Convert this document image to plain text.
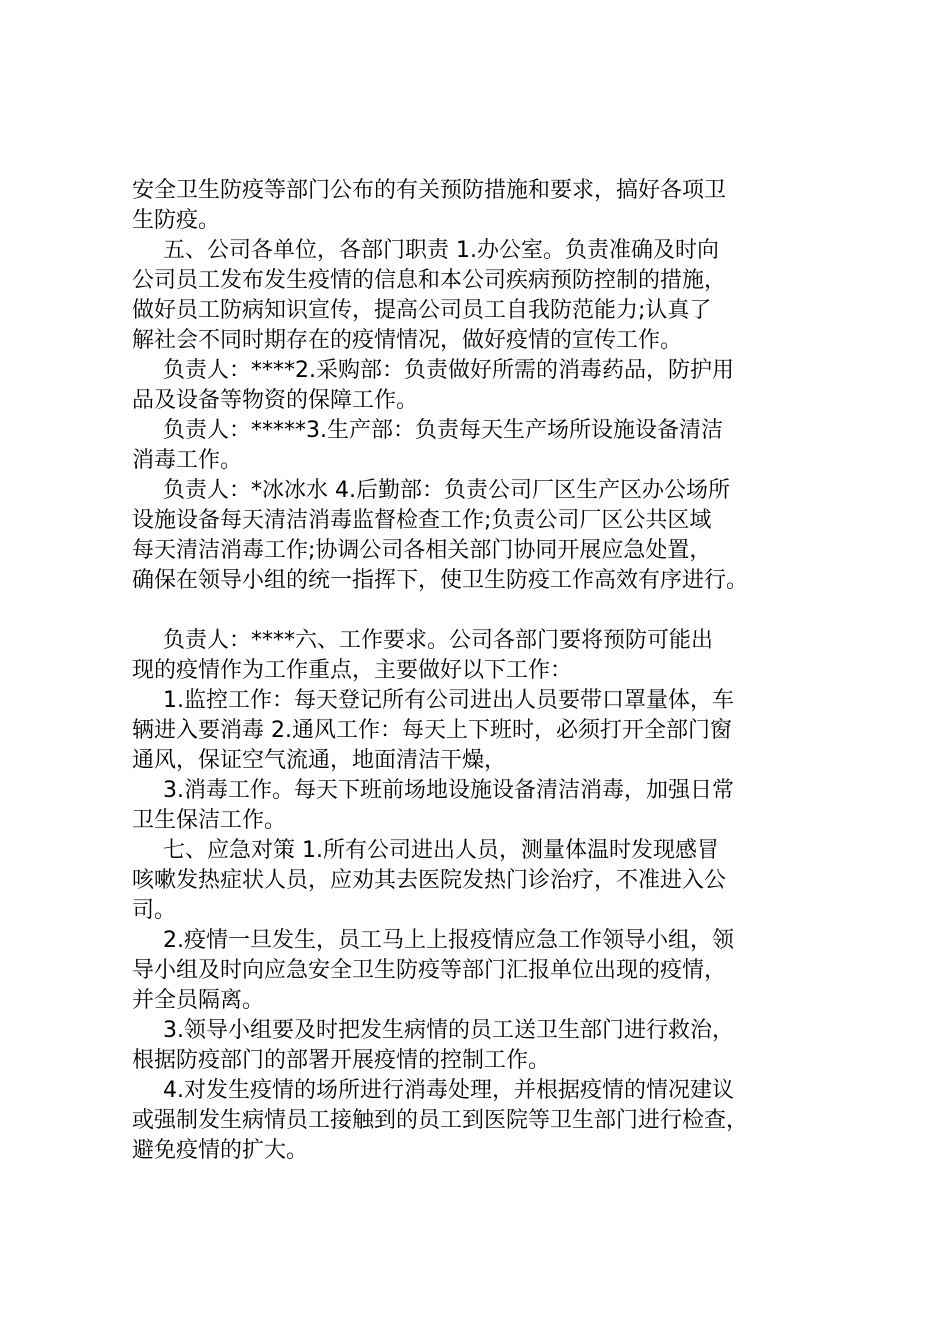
安全卫生防疫等部门公布的有关预防措施和要求，搞好各项卫
生防疫。
五、公司各单位，各部门职责 1.办公室。负责准确及时向
公司员工发布发生疫情的信息和本公司疾病预防控制的措施，
做好员工防病知识宣传，提高公司员工自我防范能力;认真了
解社会不同时期存在的疫情情况，做好疫情的宣传工作。
负责人：****2.采购部：负责做好所需的消毒药品，防护用
品及设备等物资的保障工作。
负责人：*****3.生产部：负责每天生产场所设施设备清洁
消毒工作。
负责人：*冰冰水 4.后勤部：负责公司厂区生产区办公场所
设施设备每天清洁消毒监督检查工作;负责公司厂区公共区域
每天清洁消毒工作;协调公司各相关部门协同开展应急处置，
确保在领导小组的统一指挥下，使卫生防疫工作高效有序进行。
负责人：****六、工作要求。公司各部门要将预防可能出
现的疫情作为工作重点，主要做好以下工作：
1.监控工作：每天登记所有公司进出人员要带口罩量体，车
辆进入要消毒 2.通风工作：每天上下班时，必须打开全部门窗
通风，保证空气流通，地面清洁干燥，
3.消毒工作。每天下班前场地设施设备清洁消毒，加强日常
卫生保洁工作。
七、应急对策 1.所有公司进出人员，测量体温时发现感冒
咳嗽发热症状人员，应劝其去医院发热门诊治疗，不准进入公
司。
2.疫情一旦发生，员工马上上报疫情应急工作领导小组，领
导小组及时向应急安全卫生防疫等部门汇报单位出现的疫情，
并全员隔离。
3.领导小组要及时把发生病情的员工送卫生部门进行救治，
根据防疫部门的部署开展疫情的控制工作。
4.对发生疫情的场所进行消毒处理，并根据疫情的情况建议
或强制发生病情员工接触到的员工到医院等卫生部门进行检查，
避免疫情的扩大。
